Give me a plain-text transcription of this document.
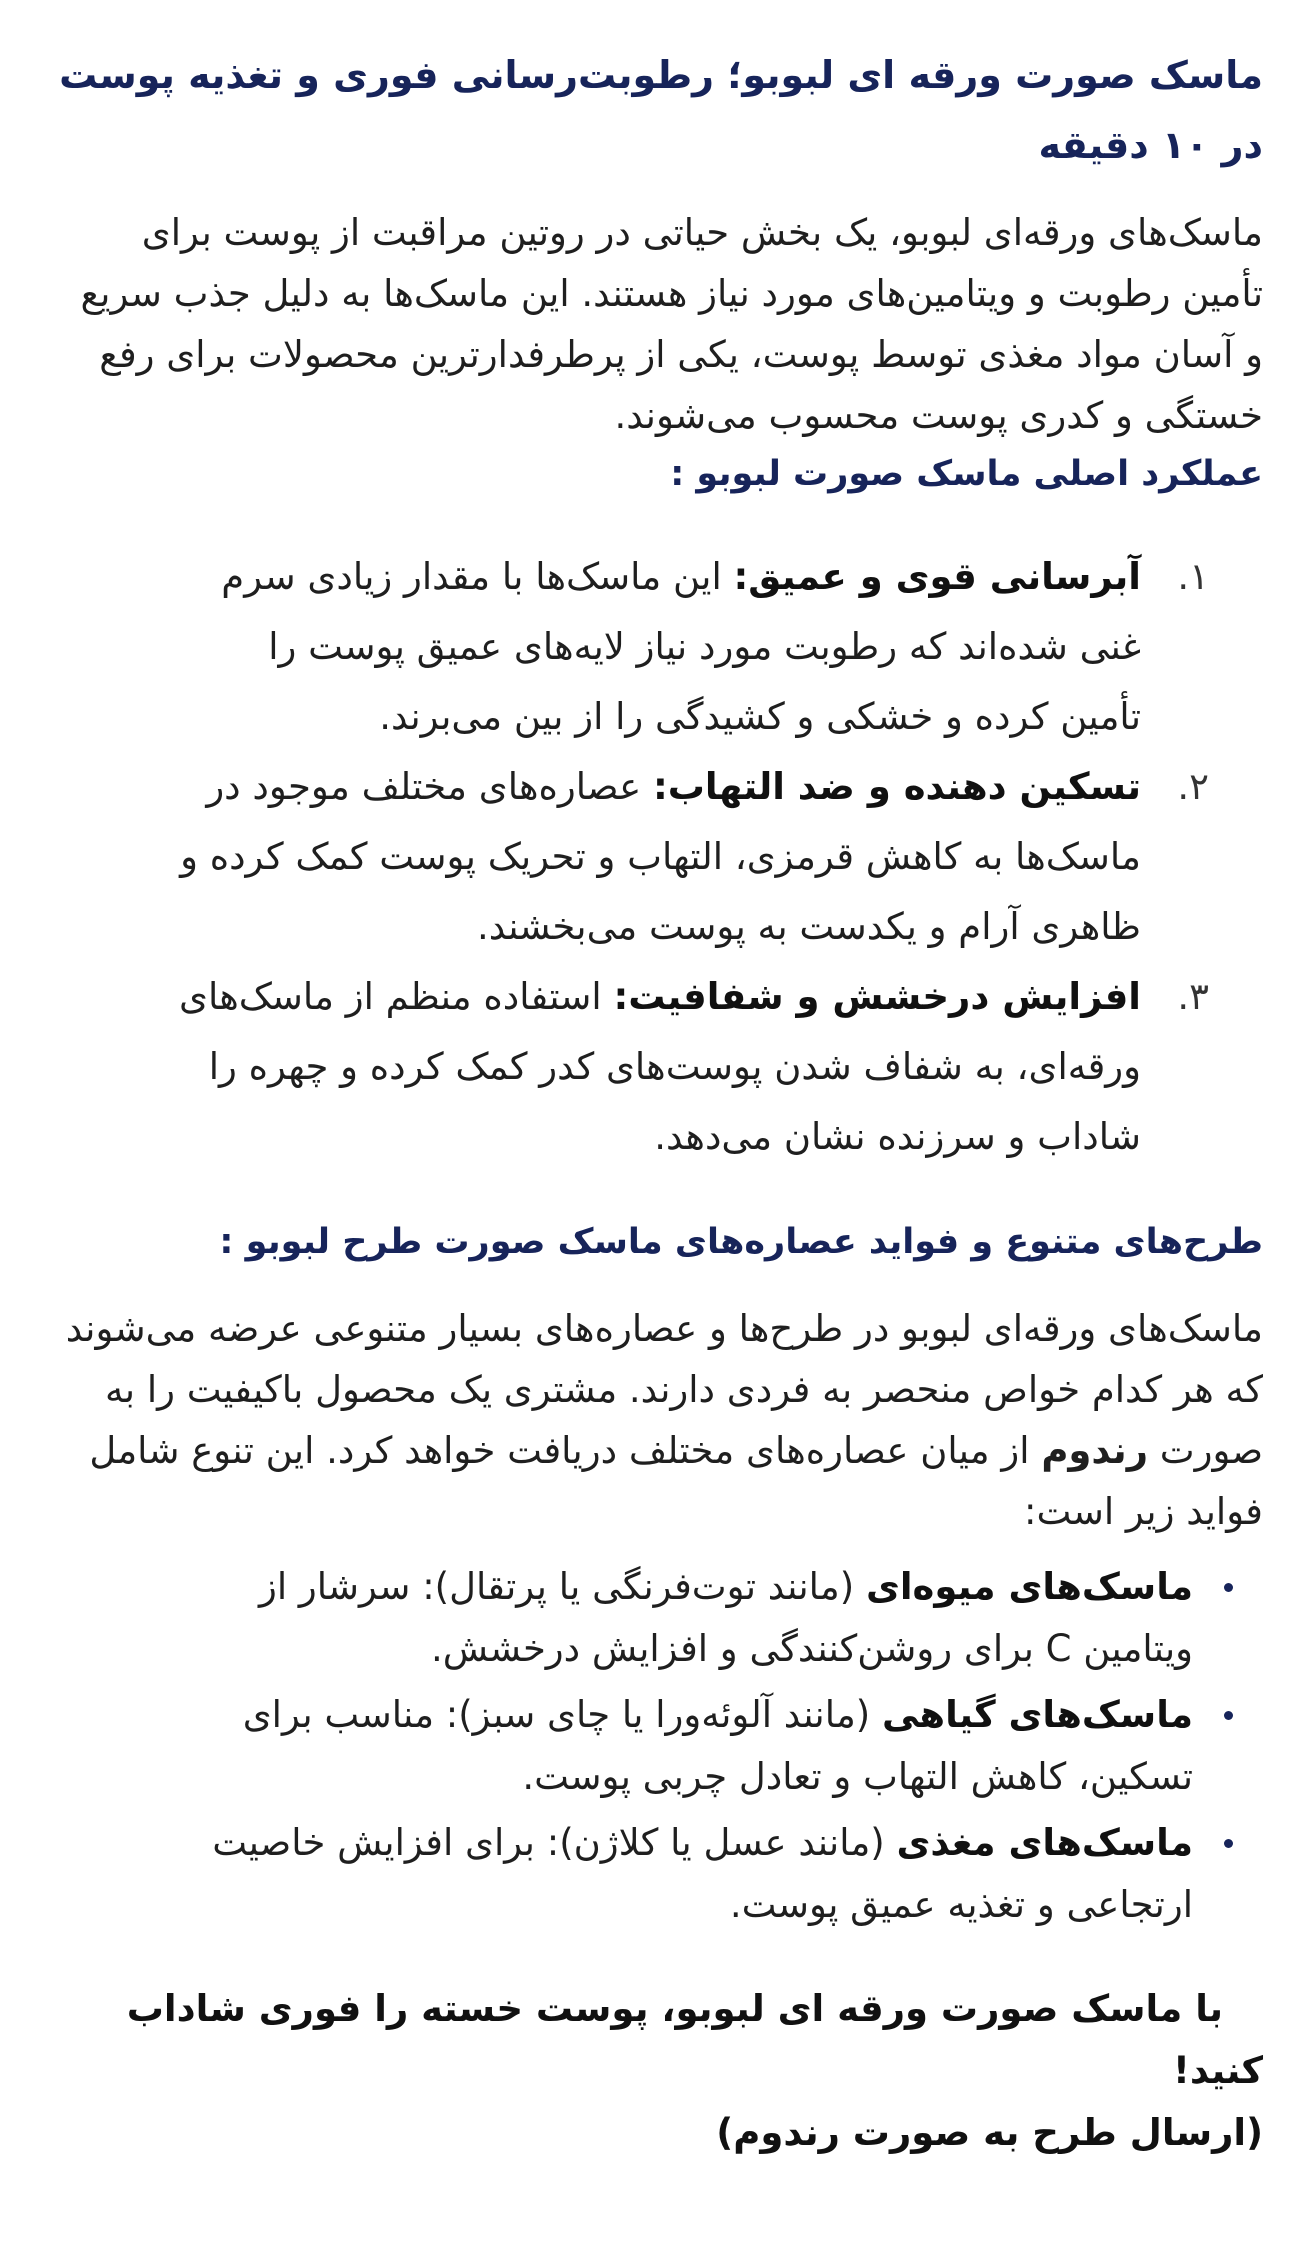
ماسک صورت ورقه ای لبوبو؛ رطوبت‌رسانی فوری و تغذیه پوست در ۱۰ دقیقه

ماسک‌های ورقه‌ای لبوبو، یک بخش حیاتی در روتین مراقبت از پوست برای تأمین رطوبت و ویتامین‌های مورد نیاز هستند. این ماسک‌ها به دلیل جذب سریع و آسان مواد مغذی توسط پوست، یکی از پرطرفدارترین محصولات برای رفع خستگی و کدری پوست محسوب می‌شوند.

عملکرد اصلی ماسک صورت لبوبو :
۱.
آبرسانی قوی و عمیق: این ماسک‌ها با مقدار زیادی سرم غنی شده‌اند که رطوبت مورد نیاز لایه‌های عمیق پوست را تأمین کرده و خشکی و کشیدگی را از بین می‌برند.
۲.
تسکین دهنده و ضد التهاب: عصاره‌های مختلف موجود در ماسک‌ها به کاهش قرمزی، التهاب و تحریک پوست کمک کرده و ظاهری آرام و یکدست به پوست می‌بخشند.
۳.
افزایش درخشش و شفافیت: استفاده منظم از ماسک‌های ورقه‌ای، به شفاف شدن پوست‌های کدر کمک کرده و چهره را شاداب و سرزنده نشان می‌دهد.
طرح‌های متنوع و فواید عصاره‌های ماسک صورت طرح لبوبو :

ماسک‌های ورقه‌ای لبوبو در طرح‌ها و عصاره‌های بسیار متنوعی عرضه می‌شوند که هر کدام خواص منحصر به فردی دارند. مشتری یک محصول باکیفیت را به صورت رندوم از میان عصاره‌های مختلف دریافت خواهد کرد. این تنوع شامل فواید زیر است:

ماسک‌های میوه‌ای (مانند توت‌فرنگی یا پرتقال): سرشار از ویتامین C برای روشن‌کنندگی و افزایش درخشش.
ماسک‌های گیاهی (مانند آلوئه‌ورا یا چای سبز): مناسب برای تسکین، کاهش التهاب و تعادل چربی پوست.
ماسک‌های مغذی (مانند عسل یا کلاژن): برای افزایش خاصیت ارتجاعی و تغذیه عمیق پوست.

با ماسک صورت ورقه ای لبوبو، پوست خسته را فوری شاداب کنید!
(ارسال طرح به صورت رندوم)
